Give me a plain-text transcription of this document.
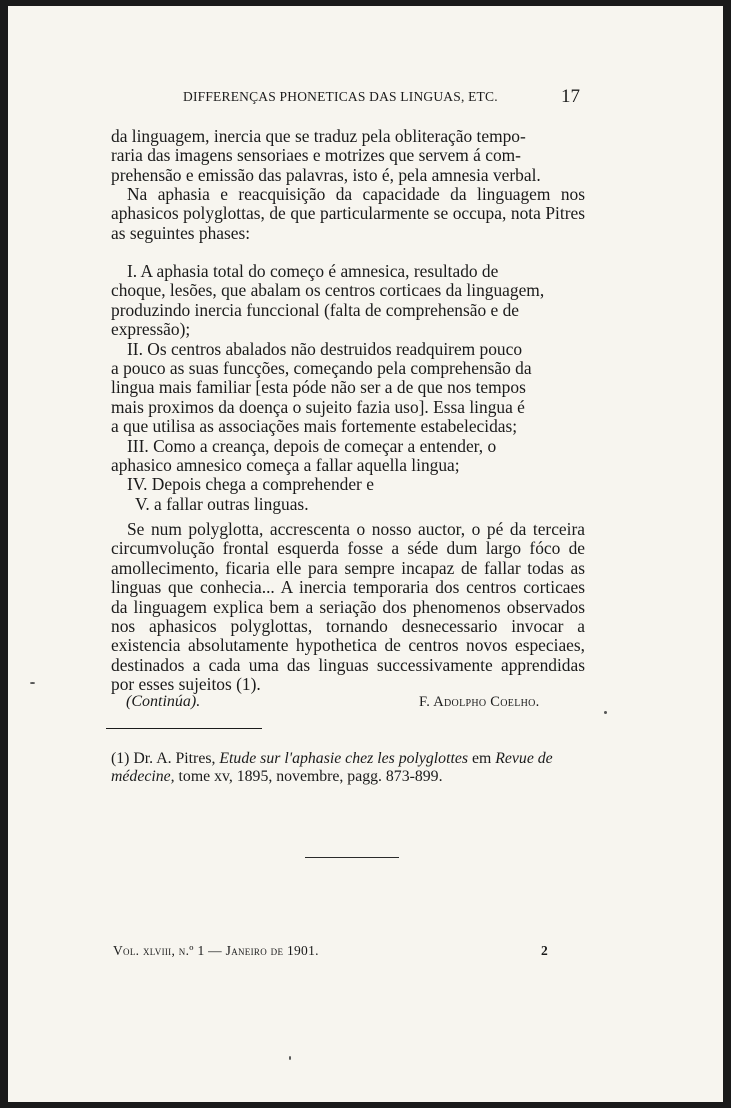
DIFFERENÇAS PHONETICAS DAS LINGUAS, ETC.	17

da linguagem, inercia que se traduz pela obliteração tempo-

raria das imagens sensoriaes e motrizes que servem á com-

prehensão e emissão das palavras, isto é, pela amnesia verbal.

Na aphasia e reacquisição da capacidade da linguagem nos aphasicos polyglottas, de que particularmente se occupa, nota Pitres as seguintes phases:

I. A aphasia total do começo é amnesica, resultado de

choque, lesões, que abalam os centros corticaes da linguagem,

produzindo inercia funccional (falta de comprehensão e de

expressão);

II. Os centros abalados não destruidos readquirem pouco

a pouco as suas funcções, começando pela comprehensão da

lingua mais familiar [esta póde não ser a de que nos tempos

mais proximos da doença o sujeito fazia uso]. Essa lingua é

a que utilisa as associações mais fortemente estabelecidas;

III. Como a creança, depois de começar a entender, o

aphasico amnesico começa a fallar aquella lingua;

IV. Depois chega a comprehender e

V. a fallar outras linguas.

Se num polyglotta, accrescenta o nosso auctor, o pé da terceira circumvolução frontal esquerda fosse a séde dum largo fóco de amollecimento, ficaria elle para sempre incapaz de fallar todas as linguas que conhecia... A inercia temporaria dos centros corticaes da linguagem explica bem a seriação dos phenomenos observados nos aphasicos polyglottas, tornando desnecessario invocar a existencia absolutamente hypothetica de centros novos especiaes, destinados a cada uma das linguas successivamente apprendidas por esses sujeitos (1).

(Continúa).	F. Adolpho Coelho.
(1) Dr. A. Pitres, Etude sur l'aphasie chez les polyglottes em Revue de médecine, tome xv, 1895, novembre, pagg. 873-899.
Vol. xlviii, n.º 1 — Janeiro de 1901.	2
